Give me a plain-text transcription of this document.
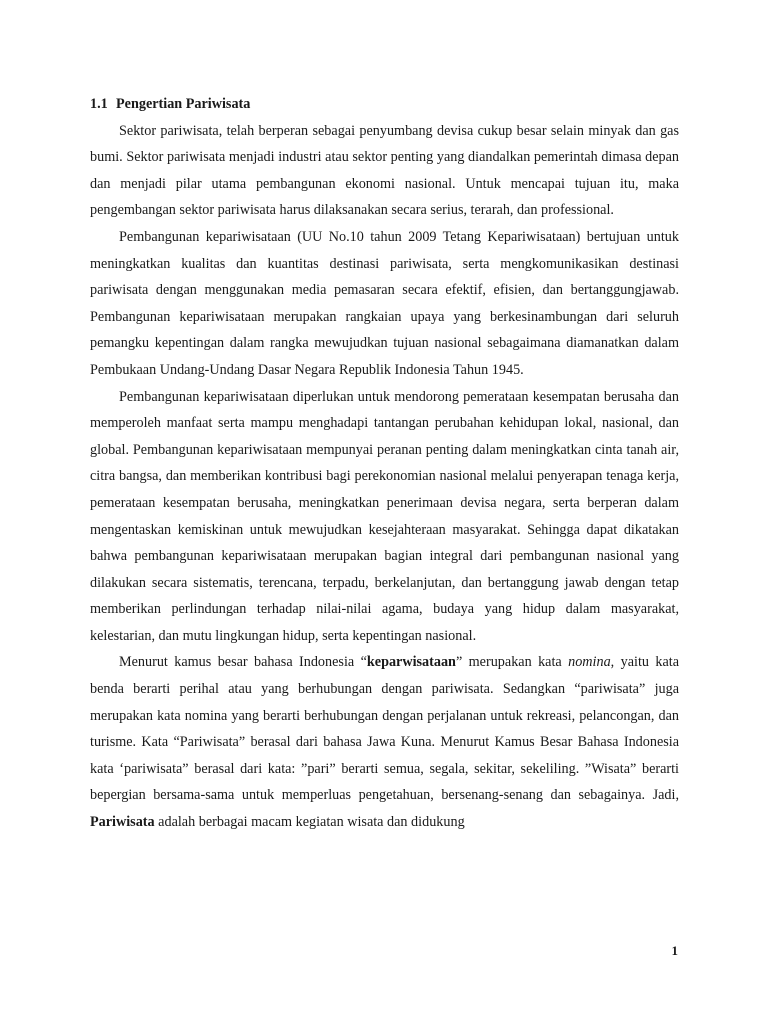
1.1 Pengertian Pariwisata

Sektor pariwisata, telah berperan sebagai penyumbang devisa cukup besar selain minyak dan gas bumi. Sektor pariwisata menjadi industri atau sektor penting yang diandalkan pemerintah dimasa depan dan menjadi pilar utama pembangunan ekonomi nasional. Untuk mencapai tujuan itu, maka pengembangan sektor pariwisata harus dilaksanakan secara serius, terarah, dan professional.

Pembangunan kepariwisataan (UU No.10 tahun 2009 Tetang Kepariwisataan) bertujuan untuk meningkatkan kualitas dan kuantitas destinasi pariwisata, serta mengkomunikasikan destinasi pariwisata dengan menggunakan media pemasaran secara efektif, efisien, dan bertanggungjawab. Pembangunan kepariwisataan merupakan rangkaian upaya yang berkesinambungan dari seluruh pemangku kepentingan dalam rangka mewujudkan tujuan nasional sebagaimana diamanatkan dalam Pembukaan Undang-Undang Dasar Negara Republik Indonesia Tahun 1945.

Pembangunan kepariwisataan diperlukan untuk mendorong pemerataan kesempatan berusaha dan memperoleh manfaat serta mampu menghadapi tantangan perubahan kehidupan lokal, nasional, dan global. Pembangunan kepariwisataan mempunyai peranan penting dalam meningkatkan cinta tanah air, citra bangsa, dan memberikan kontribusi bagi perekonomian nasional melalui penyerapan tenaga kerja, pemerataan kesempatan berusaha, meningkatkan penerimaan devisa negara, serta berperan dalam mengentaskan kemiskinan untuk mewujudkan kesejahteraan masyarakat. Sehingga dapat dikatakan bahwa pembangunan kepariwisataan merupakan bagian integral dari pembangunan nasional yang dilakukan secara sistematis, terencana, terpadu, berkelanjutan, dan bertanggung jawab dengan tetap memberikan perlindungan terhadap nilai-nilai agama, budaya yang hidup dalam masyarakat, kelestarian, dan mutu lingkungan hidup, serta kepentingan nasional.

Menurut kamus besar bahasa Indonesia “keparwisataan” merupakan kata nomina, yaitu kata benda berarti perihal atau yang berhubungan dengan pariwisata. Sedangkan “pariwisata” juga merupakan kata nomina yang berarti berhubungan dengan perjalanan untuk rekreasi, pelancongan, dan turisme. Kata “Pariwisata” berasal dari bahasa Jawa Kuna. Menurut Kamus Besar Bahasa Indonesia kata ‘pariwisata” berasal dari kata: ”pari” berarti semua, segala, sekitar, sekeliling. ”Wisata” berarti bepergian bersama-sama untuk memperluas pengetahuan, bersenang-senang dan sebagainya. Jadi, Pariwisata adalah berbagai macam kegiatan wisata dan didukung

1
